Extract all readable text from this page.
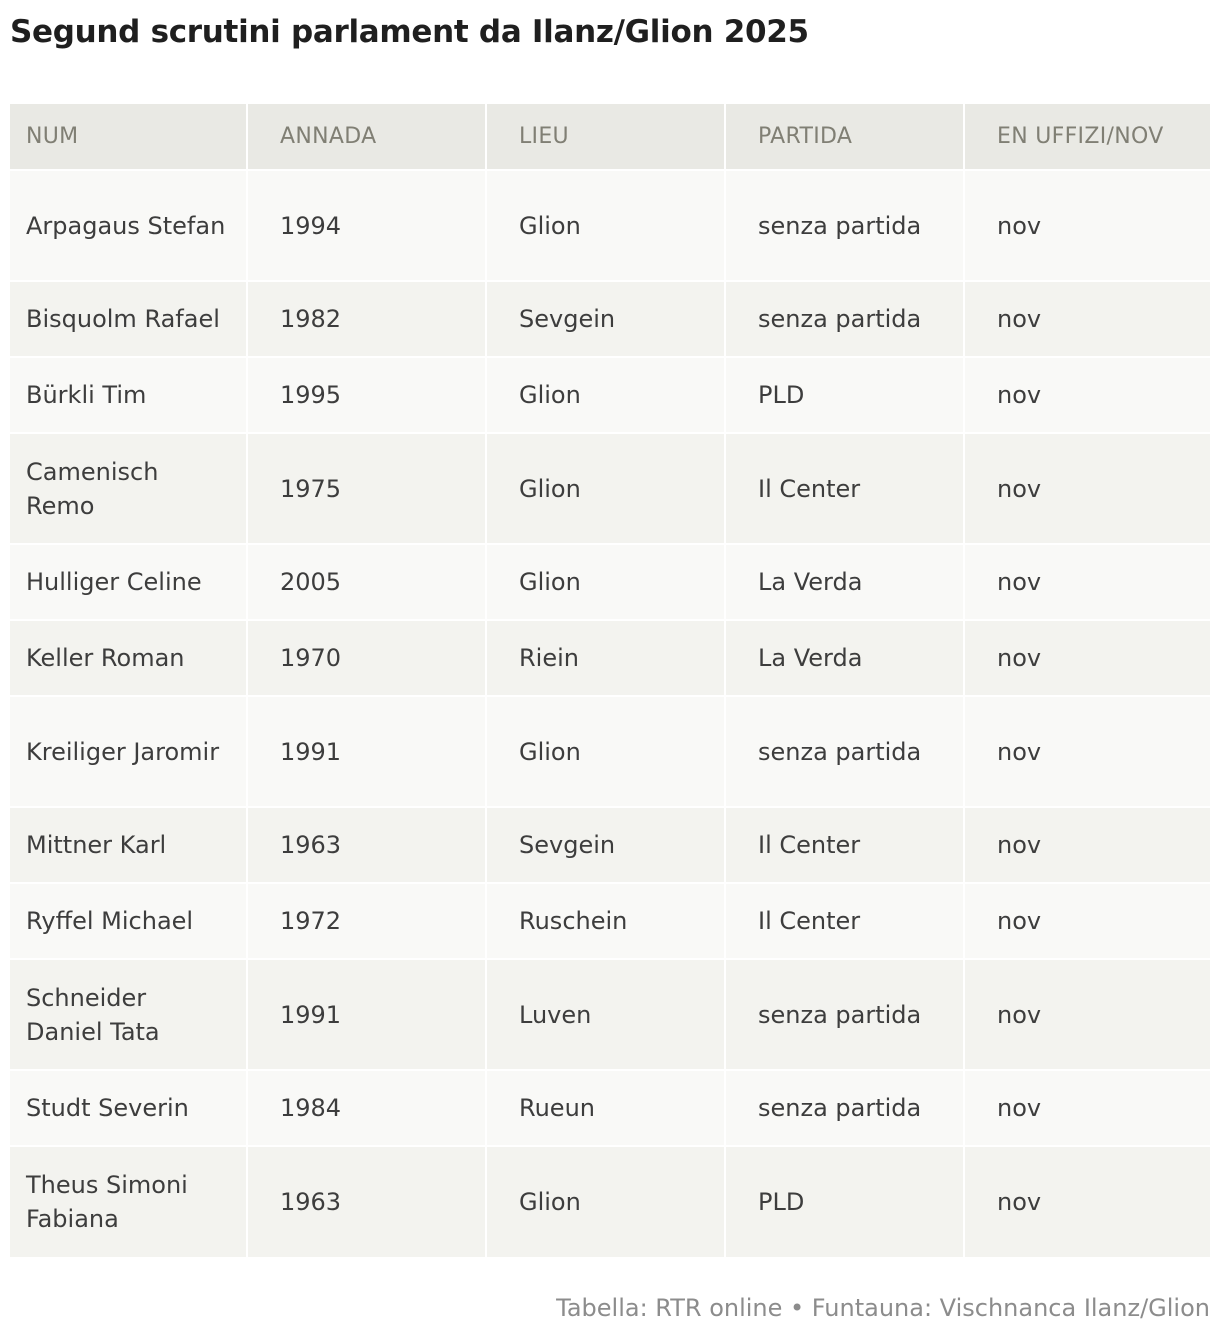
Segund scrutini parlament da Ilanz/Glion 2025
NUM	ANNADA	LIEU	PARTIDA	EN UFFIZI/NOV
Arpagaus Stefan	1994	Glion	senza partida	nov
Bisquolm Rafael	1982	Sevgein	senza partida	nov
Bürkli Tim	1995	Glion	PLD	nov
Camenisch Remo	1975	Glion	Il Center	nov
Hulliger Celine	2005	Glion	La Verda	nov
Keller Roman	1970	Riein	La Verda	nov
Kreiliger Jaromir	1991	Glion	senza partida	nov
Mittner Karl	1963	Sevgein	Il Center	nov
Ryffel Michael	1972	Ruschein	Il Center	nov
Schneider Daniel Tata	1991	Luven	senza partida	nov
Studt Severin	1984	Rueun	senza partida	nov
Theus Simoni Fabiana	1963	Glion	PLD	nov
Tabella: RTR online • Funtauna: Vischnanca Ilanz/Glion
